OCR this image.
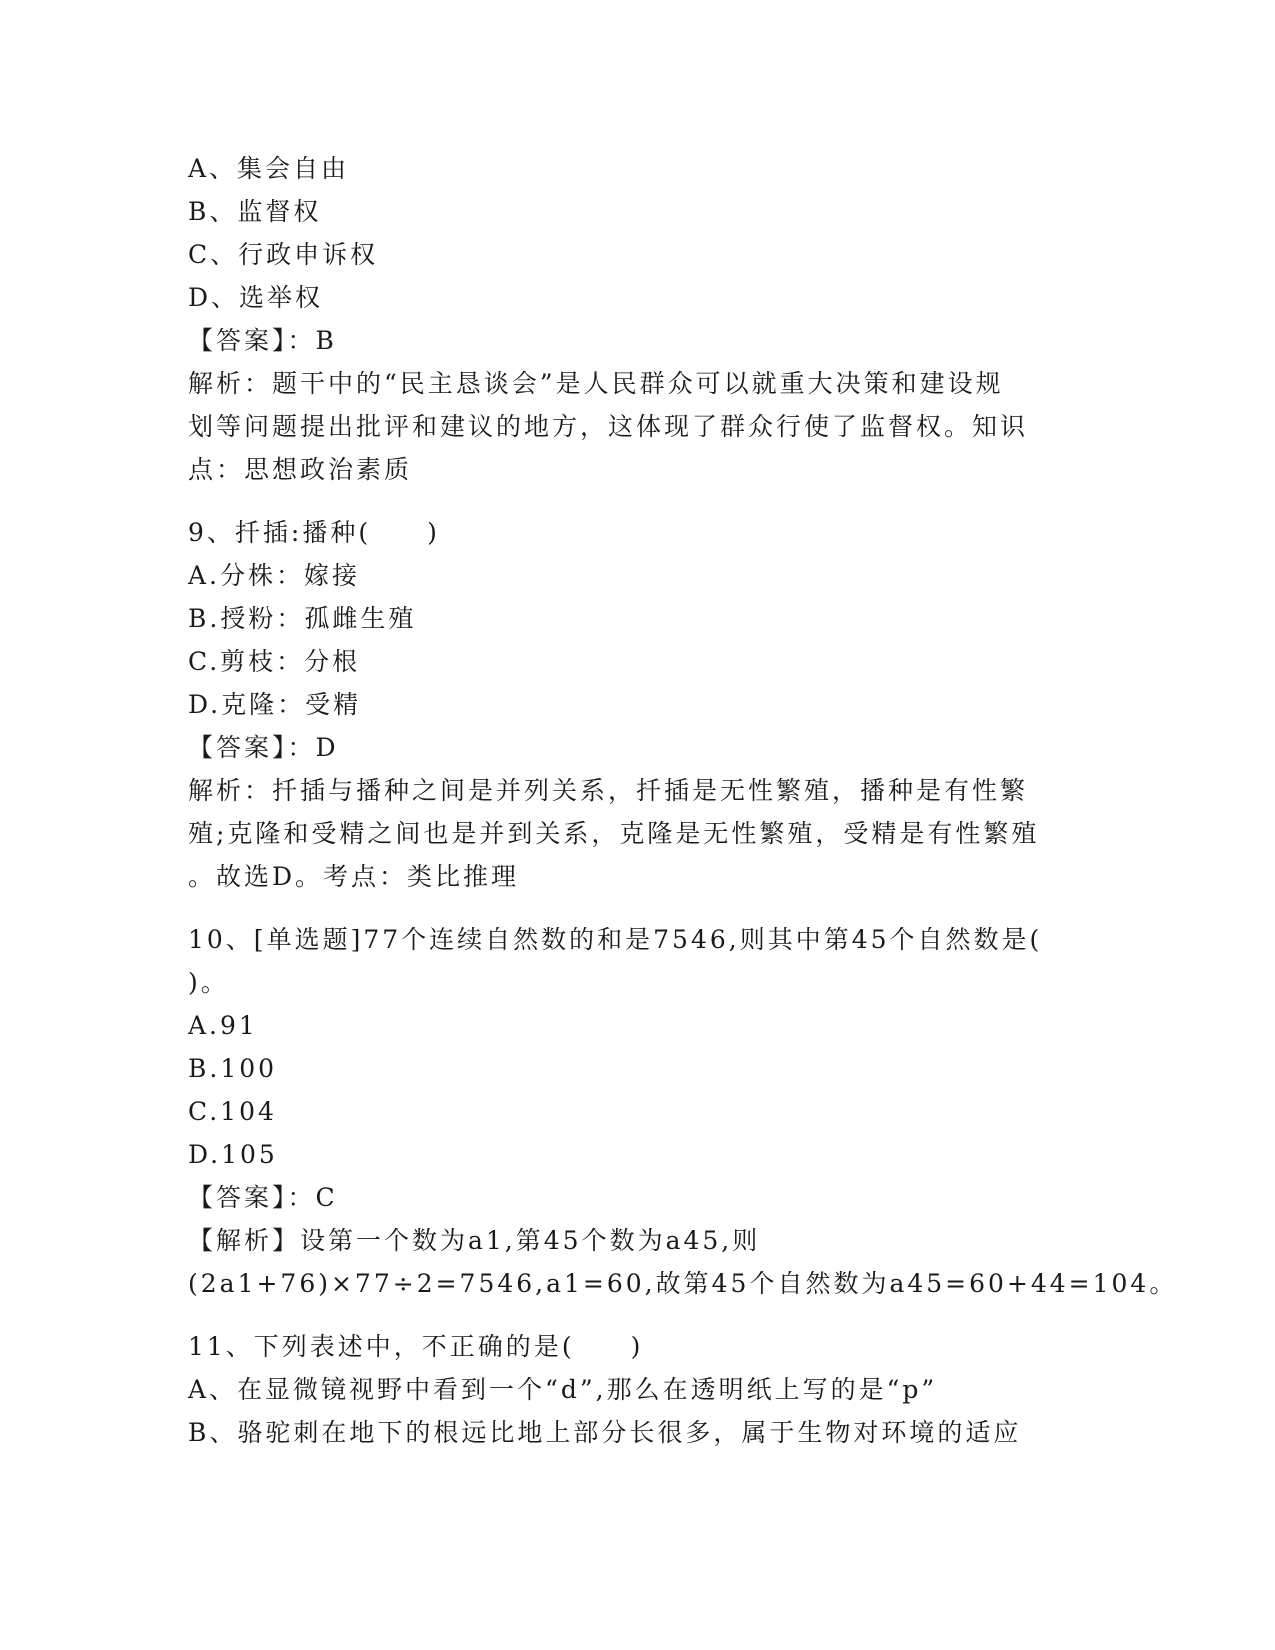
A、集会自由
B、监督权
C、行政申诉权
D、选举权
【答案】：B
解析：题干中的“民主恳谈会”是人民群众可以就重大决策和建设规
划等问题提出批评和建议的地方，这体现了群众行使了监督权。知识
点：思想政治素质
9、扦插:播种(　　)
A.分株：嫁接
B.授粉：孤雌生殖
C.剪枝：分根
D.克隆：受精
【答案】：D
解析：扦插与播种之间是并列关系，扦插是无性繁殖，播种是有性繁
殖;克隆和受精之间也是并到关系，克隆是无性繁殖，受精是有性繁殖
。故选D。考点：类比推理
10、[单选题]77个连续自然数的和是7546,则其中第45个自然数是(
)。
A.91
B.100
C.104
D.105
【答案】：C
【解析】设第一个数为a1,第45个数为a45,则
(2a1+76)×77÷2=7546,a1=60,故第45个自然数为a45=60+44=104。
11、下列表述中，不正确的是(　　)
A、在显微镜视野中看到一个“d”,那么在透明纸上写的是“p”
B、骆驼刺在地下的根远比地上部分长很多，属于生物对环境的适应
